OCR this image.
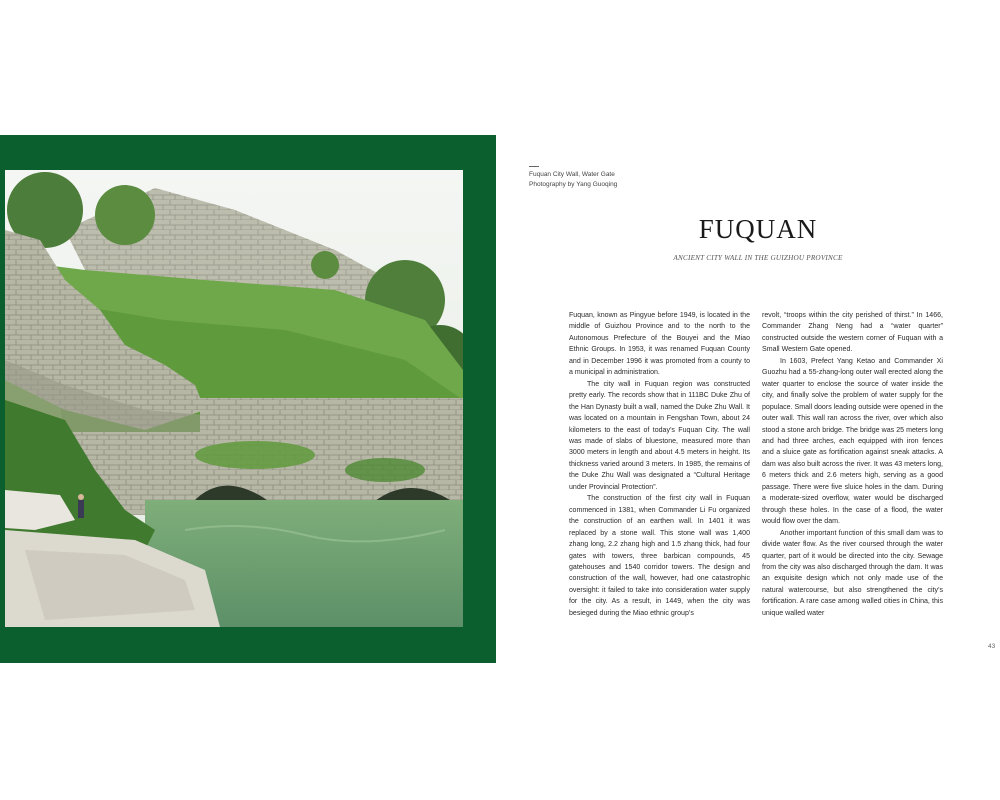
Fuquan City Wall, Water Gate
Photography by Yang Guoqing
FUQUAN
ANCIENT CITY WALL IN THE GUIZHOU PROVINCE

Fuquan, known as Pingyue before 1949, is located in the middle of Guizhou Province and to the north to the Autonomous Prefecture of the Bouyei and the Miao Ethnic Groups. In 1953, it was renamed Fuquan County and in December 1996 it was promoted from a county to a municipal in administration.

The city wall in Fuquan region was constructed pretty early. The records show that in 111BC Duke Zhu of the Han Dynasty built a wall, named the Duke Zhu Wall. It was located on a mountain in Fengshan Town, about 24 kilometers to the east of today’s Fuquan City. The wall was made of slabs of bluestone, measured more than 3000 meters in length and about 4.5 meters in height. Its thickness varied around 3 meters. In 1985, the remains of the Duke Zhu Wall was designated a “Cultural Heritage under Provincial Protection”.

The construction of the first city wall in Fuquan commenced in 1381, when Commander Li Fu organized the construction of an earthen wall. In 1401 it was replaced by a stone wall. This stone wall was 1,400 zhang long, 2.2 zhang high and 1.5 zhang thick, had four gates with towers, three barbican compounds, 45 gatehouses and 1540 corridor towers. The design and construction of the wall, however, had one catastrophic oversight: it failed to take into consideration water supply for the city. As a result, in 1449, when the city was besieged during the Miao ethnic group’s

revolt, “troops within the city perished of thirst.” In 1466, Commander Zhang Neng had a “water quarter” constructed outside the western corner of Fuquan with a Small Western Gate opened.

In 1603, Prefect Yang Ketao and Commander Xi Guozhu had a 55-zhang-long outer wall erected along the water quarter to enclose the source of water inside the city, and finally solve the problem of water supply for the populace. Small doors leading outside were opened in the outer wall. This wall ran across the river, over which also stood a stone arch bridge. The bridge was 25 meters long and had three arches, each equipped with iron fences and a sluice gate as fortification against sneak attacks. A dam was also built across the river. It was 43 meters long, 6 meters thick and 2.6 meters high, serving as a good passage. There were five sluice holes in the dam. During a moderate-sized overflow, water would be discharged through these holes. In the case of a flood, the water would flow over the dam.

Another important function of this small dam was to divide water flow. As the river coursed through the water quarter, part of it would be directed into the city. Sewage from the city was also discharged through the dam. It was an exquisite design which not only made use of the natural watercourse, but also strengthened the city’s fortification. A rare case among walled cities in China, this unique walled water

43
